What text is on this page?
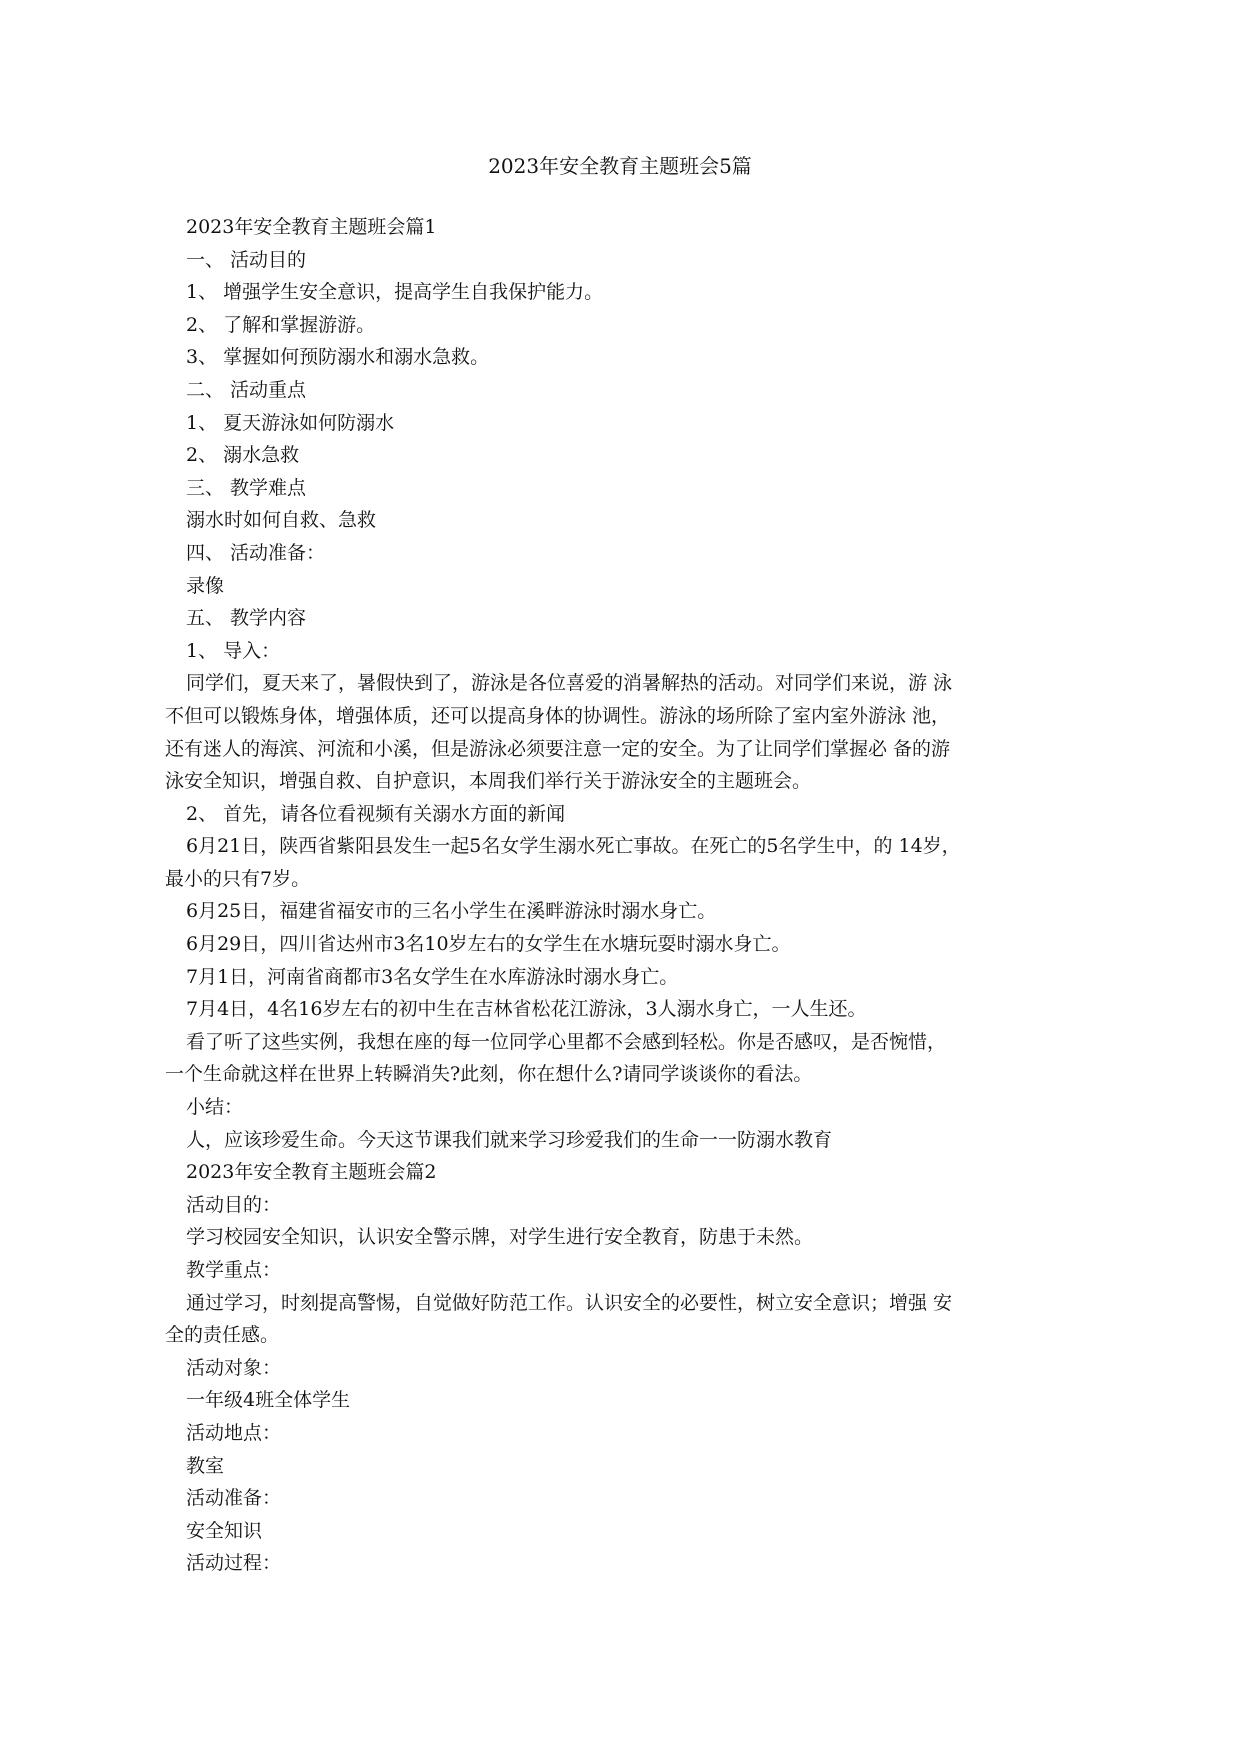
2023年安全教育主题班会5篇

2023年安全教育主题班会篇1

一、 活动目的

1、 增强学生安全意识，提高学生自我保护能力。

2、 了解和掌握游游。

3、 掌握如何预防溺水和溺水急救。

二、 活动重点

1、 夏天游泳如何防溺水

2、 溺水急救

三、 教学难点

溺水时如何自救、急救

四、 活动准备：

录像

五、 教学内容

1、 导入：

同学们，夏天来了，暑假快到了，游泳是各位喜爱的消暑解热的活动。对同学们来说，游 泳
不但可以锻炼身体，增强体质，还可以提高身体的协调性。游泳的场所除了室内室外游泳 池，
还有迷人的海滨、河流和小溪，但是游泳必须要注意一定的安全。为了让同学们掌握必 备的游
泳安全知识，增强自救、自护意识，本周我们举行关于游泳安全的主题班会。

2、 首先，请各位看视频有关溺水方面的新闻

6月21日，陕西省紫阳县发生一起5名女学生溺水死亡事故。在死亡的5名学生中，的 14岁，
最小的只有7岁。

6月25日，福建省福安市的三名小学生在溪畔游泳时溺水身亡。

6月29日，四川省达州市3名10岁左右的女学生在水塘玩耍时溺水身亡。

7月1日，河南省商都市3名女学生在水库游泳时溺水身亡。

7月4日，4名16岁左右的初中生在吉林省松花江游泳，3人溺水身亡，一人生还。

看了听了这些实例，我想在座的每一位同学心里都不会感到轻松。你是否感叹，是否惋惜，
一个生命就这样在世界上转瞬消失?此刻，你在想什么?请同学谈谈你的看法。

小结：

人，应该珍爱生命。今天这节课我们就来学习珍爱我们的生命一一防溺水教育

2023年安全教育主题班会篇2

活动目的：

学习校园安全知识，认识安全警示牌，对学生进行安全教育，防患于未然。

教学重点：

通过学习，时刻提高警惕，自觉做好防范工作。认识安全的必要性，树立安全意识；增强 安
全的责任感。

活动对象：

一年级4班全体学生

活动地点：

教室

活动准备：

安全知识

活动过程：
